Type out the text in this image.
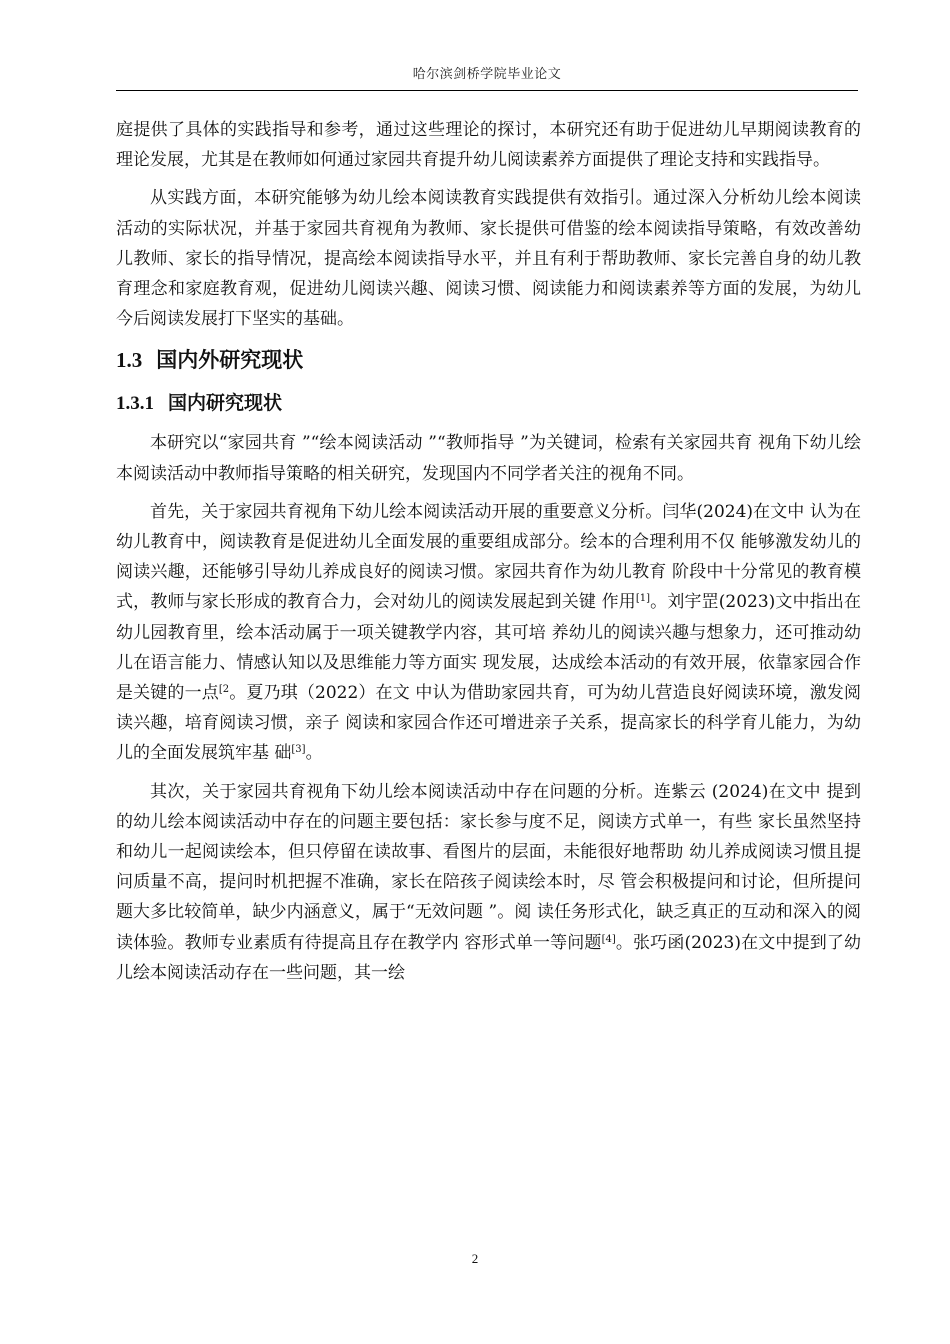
哈尔滨剑桥学院毕业论文

庭提供了具体的实践指导和参考，通过这些理论的探讨，本研究还有助于促进幼儿早期阅读教育的理论发展，尤其是在教师如何通过家园共育提升幼儿阅读素养方面提供了理论支持和实践指导。

从实践方面，本研究能够为幼儿绘本阅读教育实践提供有效指引。通过深入分析幼儿绘本阅读活动的实际状况，并基于家园共育视角为教师、家长提供可借鉴的绘本阅读指导策略，有效改善幼儿教师、家长的指导情况，提高绘本阅读指导水平，并且有利于帮助教师、家长完善自身的幼儿教育理念和家庭教育观，促进幼儿阅读兴趣、阅读习惯、阅读能力和阅读素养等方面的发展，为幼儿今后阅读发展打下坚实的基础。

1.3 国内外研究现状
1.3.1 国内研究现状

本研究以“家园共育 ”“绘本阅读活动 ”“教师指导 ”为关键词，检索有关家园共育 视角下幼儿绘本阅读活动中教师指导策略的相关研究，发现国内不同学者关注的视角不同。

首先，关于家园共育视角下幼儿绘本阅读活动开展的重要意义分析。闫华(2024)在文中 认为在幼儿教育中，阅读教育是促进幼儿全面发展的重要组成部分。绘本的合理利用不仅 能够激发幼儿的阅读兴趣，还能够引导幼儿养成良好的阅读习惯。家园共育作为幼儿教育 阶段中十分常见的教育模式，教师与家长形成的教育合力，会对幼儿的阅读发展起到关键 作用[1]。刘宇罡(2023)文中指出在幼儿园教育里，绘本活动属于一项关键教学内容，其可培 养幼儿的阅读兴趣与想象力，还可推动幼儿在语言能力、情感认知以及思维能力等方面实 现发展，达成绘本活动的有效开展，依靠家园合作是关键的一点$^{[2}$。夏乃琪（2022）在文 中认为借助家园共育，可为幼儿营造良好阅读环境，激发阅读兴趣，培育阅读习惯，亲子 阅读和家园合作还可增进亲子关系，提高家长的科学育儿能力，为幼儿的全面发展筑牢基 础[3]。

其次，关于家园共育视角下幼儿绘本阅读活动中存在问题的分析。连紫云 (2024)在文中 提到的幼儿绘本阅读活动中存在的问题主要包括：家长参与度不足，阅读方式单一，有些 家长虽然坚持和幼儿一起阅读绘本，但只停留在读故事、看图片的层面，未能很好地帮助 幼儿养成阅读习惯且提问质量不高，提问时机把握不准确，家长在陪孩子阅读绘本时，尽 管会积极提问和讨论，但所提问题大多比较简单，缺少内涵意义，属于“无效问题 ”。阅 读任务形式化，缺乏真正的互动和深入的阅读体验。教师专业素质有待提高且存在教学内 容形式单一等问题[4]。张巧函(2023)在文中提到了幼儿绘本阅读活动存在一些问题，其一绘

2
